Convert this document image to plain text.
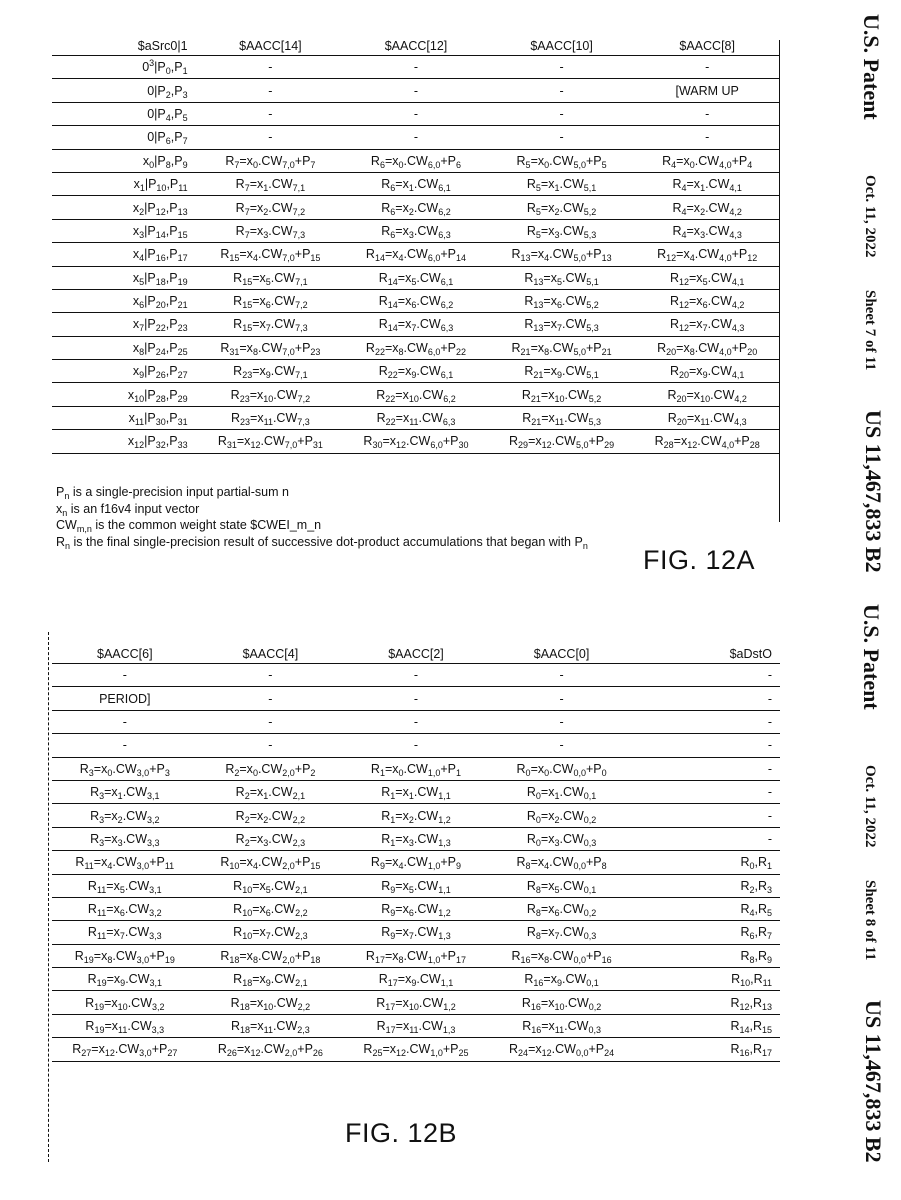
$aSrc0|1	$AACC[14]	$AACC[12]	$AACC[10]	$AACC[8]
$0^3|P_0,P_1$	-	-	-	-
$0|P_2,P_3$	-	-	-	[WARM UP
$0|P_4,P_5$	-	-	-	-
$0|P_6,P_7$	-	-	-	-
$x_0|P_8,P_9$	$R_7=x_0.CW_{7,0}+P_7$	$R_6=x_0.CW_{6,0}+P_6$	$R_5=x_0.CW_{5,0}+P_5$	$R_4=x_0.CW_{4,0}+P_4$
$x_1|P_{10},P_{11}$	$R_7=x_1.CW_{7,1}$	$R_6=x_1.CW_{6,1}$	$R_5=x_1.CW_{5,1}$	$R_4=x_1.CW_{4,1}$
$x_2|P_{12},P_{13}$	$R_7=x_2.CW_{7,2}$	$R_6=x_2.CW_{6,2}$	$R_5=x_2.CW_{5,2}$	$R_4=x_2.CW_{4,2}$
$x_3|P_{14},P_{15}$	$R_7=x_3.CW_{7,3}$	$R_6=x_3.CW_{6,3}$	$R_5=x_3.CW_{5,3}$	$R_4=x_3.CW_{4,3}$
$x_4|P_{16},P_{17}$	$R_{15}=x_4.CW_{7,0}+P_{15}$	$R_{14}=x_4.CW_{6,0}+P_{14}$	$R_{13}=x_4.CW_{5,0}+P_{13}$	$R_{12}=x_4.CW_{4,0}+P_{12}$
$x_5|P_{18},P_{19}$	$R_{15}=x_5.CW_{7,1}$	$R_{14}=x_5.CW_{6,1}$	$R_{13}=x_5.CW_{5,1}$	$R_{12}=x_5.CW_{4,1}$
$x_6|P_{20},P_{21}$	$R_{15}=x_6.CW_{7,2}$	$R_{14}=x_6.CW_{6,2}$	$R_{13}=x_6.CW_{5,2}$	$R_{12}=x_6.CW_{4,2}$
$x_7|P_{22},P_{23}$	$R_{15}=x_7.CW_{7,3}$	$R_{14}=x_7.CW_{6,3}$	$R_{13}=x_7.CW_{5,3}$	$R_{12}=x_7.CW_{4,3}$
$x_8|P_{24},P_{25}$	$R_{31}=x_8.CW_{7,0}+P_{23}$	$R_{22}=x_8.CW_{6,0}+P_{22}$	$R_{21}=x_8.CW_{5,0}+P_{21}$	$R_{20}=x_8.CW_{4,0}+P_{20}$
$x_9|P_{26},P_{27}$	$R_{23}=x_9.CW_{7,1}$	$R_{22}=x_9.CW_{6,1}$	$R_{21}=x_9.CW_{5,1}$	$R_{20}=x_9.CW_{4,1}$
$x_{10}|P_{28},P_{29}$	$R_{23}=x_{10}.CW_{7,2}$	$R_{22}=x_{10}.CW_{6,2}$	$R_{21}=x_{10}.CW_{5,2}$	$R_{20}=x_{10}.CW_{4,2}$
$x_{11}|P_{30},P_{31}$	$R_{23}=x_{11}.CW_{7,3}$	$R_{22}=x_{11}.CW_{6,3}$	$R_{21}=x_{11}.CW_{5,3}$	$R_{20}=x_{11}.CW_{4,3}$
$x_{12}|P_{32},P_{33}$	$R_{31}=x_{12}.CW_{7,0}+P_{31}$	$R_{30}=x_{12}.CW_{6,0}+P_{30}$	$R_{29}=x_{12}.CW_{5,0}+P_{29}$	$R_{28}=x_{12}.CW_{4,0}+P_{28}$
$P_n$ is a single-precision input partial-sum n
$x_n$ is an f16v4 input vector
$CW_{m,n}$ is the common weight state $CWEI_m_n
$R_n$ is the final single-precision result of successive dot-product accumulations that began with $P_n$ FIG. 12A
$AACC[6]	$AACC[4]	$AACC[2]	$AACC[0]	$aDstO
-	-	-	-	-
PERIOD]	-	-	-	-
-	-	-	-	-
-	-	-	-	-
$R_3=x_0.CW_{3,0}+P_3$	$R_2=x_0.CW_{2,0}+P_2$	$R_1=x_0.CW_{1,0}+P_1$	$R_0=x_0.CW_{0,0}+P_0$	-
$R_3=x_1.CW_{3,1}$	$R_2=x_1.CW_{2,1}$	$R_1=x_1.CW_{1,1}$	$R_0=x_1.CW_{0,1}$	-
$R_3=x_2.CW_{3,2}$	$R_2=x_2.CW_{2,2}$	$R_1=x_2.CW_{1,2}$	$R_0=x_2.CW_{0,2}$	-
$R_3=x_3.CW_{3,3}$	$R_2=x_3.CW_{2,3}$	$R_1=x_3.CW_{1,3}$	$R_0=x_3.CW_{0,3}$	-
$R_{11}=x_4.CW_{3,0}+P_{11}$	$R_{10}=x_4.CW_{2,0}+P_{15}$	$R_9=x_4.CW_{1,0}+P_9$	$R_8=x_4.CW_{0,0}+P_8$	$R_0,R_1$
$R_{11}=x_5.CW_{3,1}$	$R_{10}=x_5.CW_{2,1}$	$R_9=x_5.CW_{1,1}$	$R_8=x_5.CW_{0,1}$	$R_2,R_3$
$R_{11}=x_6.CW_{3,2}$	$R_{10}=x_6.CW_{2,2}$	$R_9=x_6.CW_{1,2}$	$R_8=x_6.CW_{0,2}$	$R_4,R_5$
$R_{11}=x_7.CW_{3,3}$	$R_{10}=x_7.CW_{2,3}$	$R_9=x_7.CW_{1,3}$	$R_8=x_7.CW_{0,3}$	$R_6,R_7$
$R_{19}=x_8.CW_{3,0}+P_{19}$	$R_{18}=x_8.CW_{2,0}+P_{18}$	$R_{17}=x_8.CW_{1,0}+P_{17}$	$R_{16}=x_8.CW_{0,0}+P_{16}$	$R_8,R_9$
$R_{19}=x_9.CW_{3,1}$	$R_{18}=x_9.CW_{2,1}$	$R_{17}=x_9.CW_{1,1}$	$R_{16}=x_9.CW_{0,1}$	$R_{10},R_{11}$
$R_{19}=x_{10}.CW_{3,2}$	$R_{18}=x_{10}.CW_{2,2}$	$R_{17}=x_{10}.CW_{1,2}$	$R_{16}=x_{10}.CW_{0,2}$	$R_{12},R_{13}$
$R_{19}=x_{11}.CW_{3,3}$	$R_{18}=x_{11}.CW_{2,3}$	$R_{17}=x_{11}.CW_{1,3}$	$R_{16}=x_{11}.CW_{0,3}$	$R_{14},R_{15}$
$R_{27}=x_{12}.CW_{3,0}+P_{27}$	$R_{26}=x_{12}.CW_{2,0}+P_{26}$	$R_{25}=x_{12}.CW_{1,0}+P_{25}$	$R_{24}=x_{12}.CW_{0,0}+P_{24}$	$R_{16},R_{17}$
FIG. 12B
U.S. Patent
Oct. 11, 2022
Sheet 7 of 11
US 11,467,833 B2
U.S. Patent
Oct. 11, 2022
Sheet 8 of 11
US 11,467,833 B2
